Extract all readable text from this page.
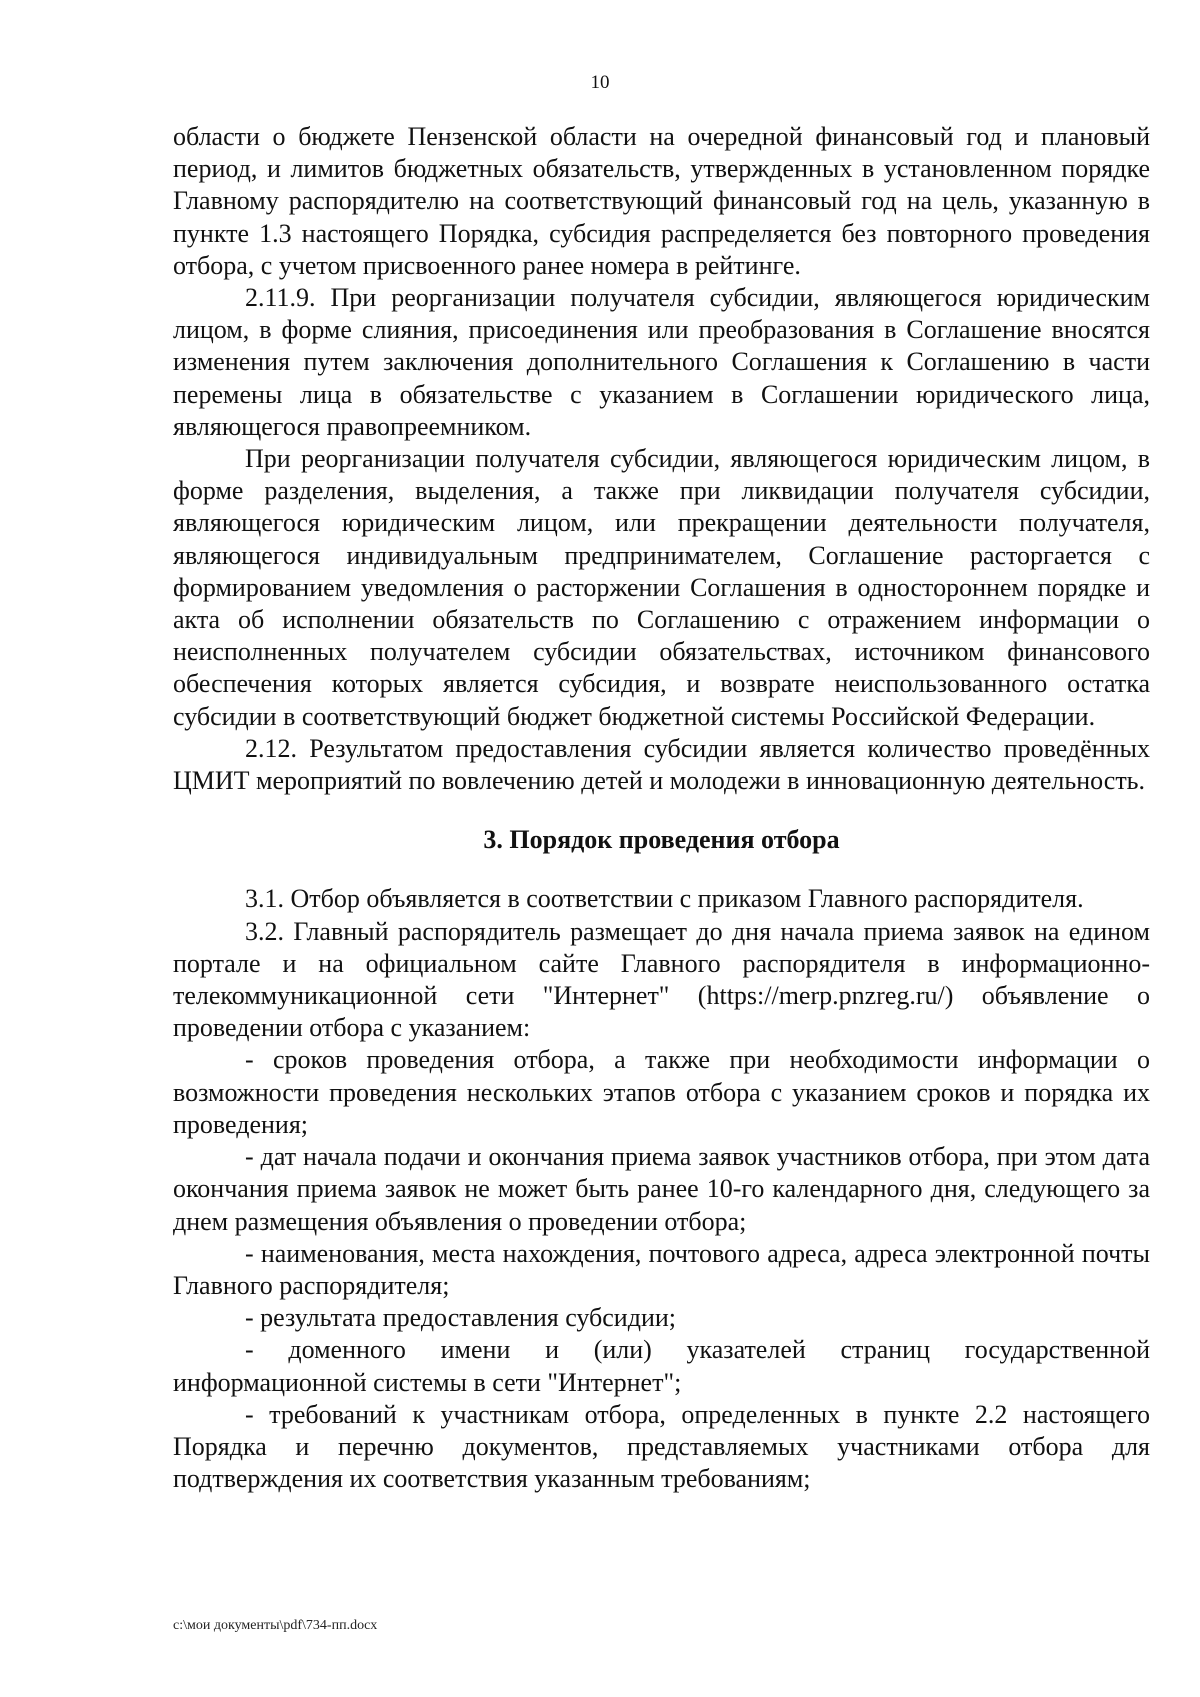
10

области о бюджете Пензенской области на очередной финансовый год и плановый период, и лимитов бюджетных обязательств, утвержденных в установленном порядке Главному распорядителю на соответствующий финансовый год на цель, указанную в пункте 1.3 настоящего Порядка, субсидия распределяется без повторного проведения отбора, с учетом присвоенного ранее номера в рейтинге.

2.11.9. При реорганизации получателя субсидии, являющегося юридическим лицом, в форме слияния, присоединения или преобразования в Соглашение вносятся изменения путем заключения дополнительного Соглашения к Соглашению в части перемены лица в обязательстве с указанием в Соглашении юридического лица, являющегося правопреемником.

При реорганизации получателя субсидии, являющегося юридическим лицом, в форме разделения, выделения, а также при ликвидации получателя субсидии, являющегося юридическим лицом, или прекращении деятельности получателя, являющегося индивидуальным предпринимателем, Соглашение расторгается с формированием уведомления о расторжении Соглашения в одностороннем порядке и акта об исполнении обязательств по Соглашению с отражением информации о неисполненных получателем субсидии обязательствах, источником финансового обеспечения которых является субсидия, и возврате неиспользованного остатка субсидии в соответствующий бюджет бюджетной системы Российской Федерации.

2.12. Результатом предоставления субсидии является количество проведённых ЦМИТ мероприятий по вовлечению детей и молодежи в инновационную деятельность.

3. Порядок проведения отбора

3.1. Отбор объявляется в соответствии с приказом Главного распорядителя.

3.2. Главный распорядитель размещает до дня начала приема заявок на едином портале и на официальном сайте Главного распорядителя в информационно-телекоммуникационной сети "Интернет" (https://merp.pnzreg.ru/) объявление о проведении отбора с указанием:

- сроков проведения отбора, а также при необходимости информации о возможности проведения нескольких этапов отбора с указанием сроков и порядка их проведения;

- дат начала подачи и окончания приема заявок участников отбора, при этом дата окончания приема заявок не может быть ранее 10-го календарного дня, следующего за днем размещения объявления о проведении отбора;

- наименования, места нахождения, почтового адреса, адреса электронной почты Главного распорядителя;

- результата предоставления субсидии;

- доменного имени и (или) указателей страниц государственной информационной системы в сети "Интернет";

- требований к участникам отбора, определенных в пункте 2.2 настоящего Порядка и перечню документов, представляемых участниками отбора для подтверждения их соответствия указанным требованиям;

c:\мои документы\pdf\734-пп.docx
